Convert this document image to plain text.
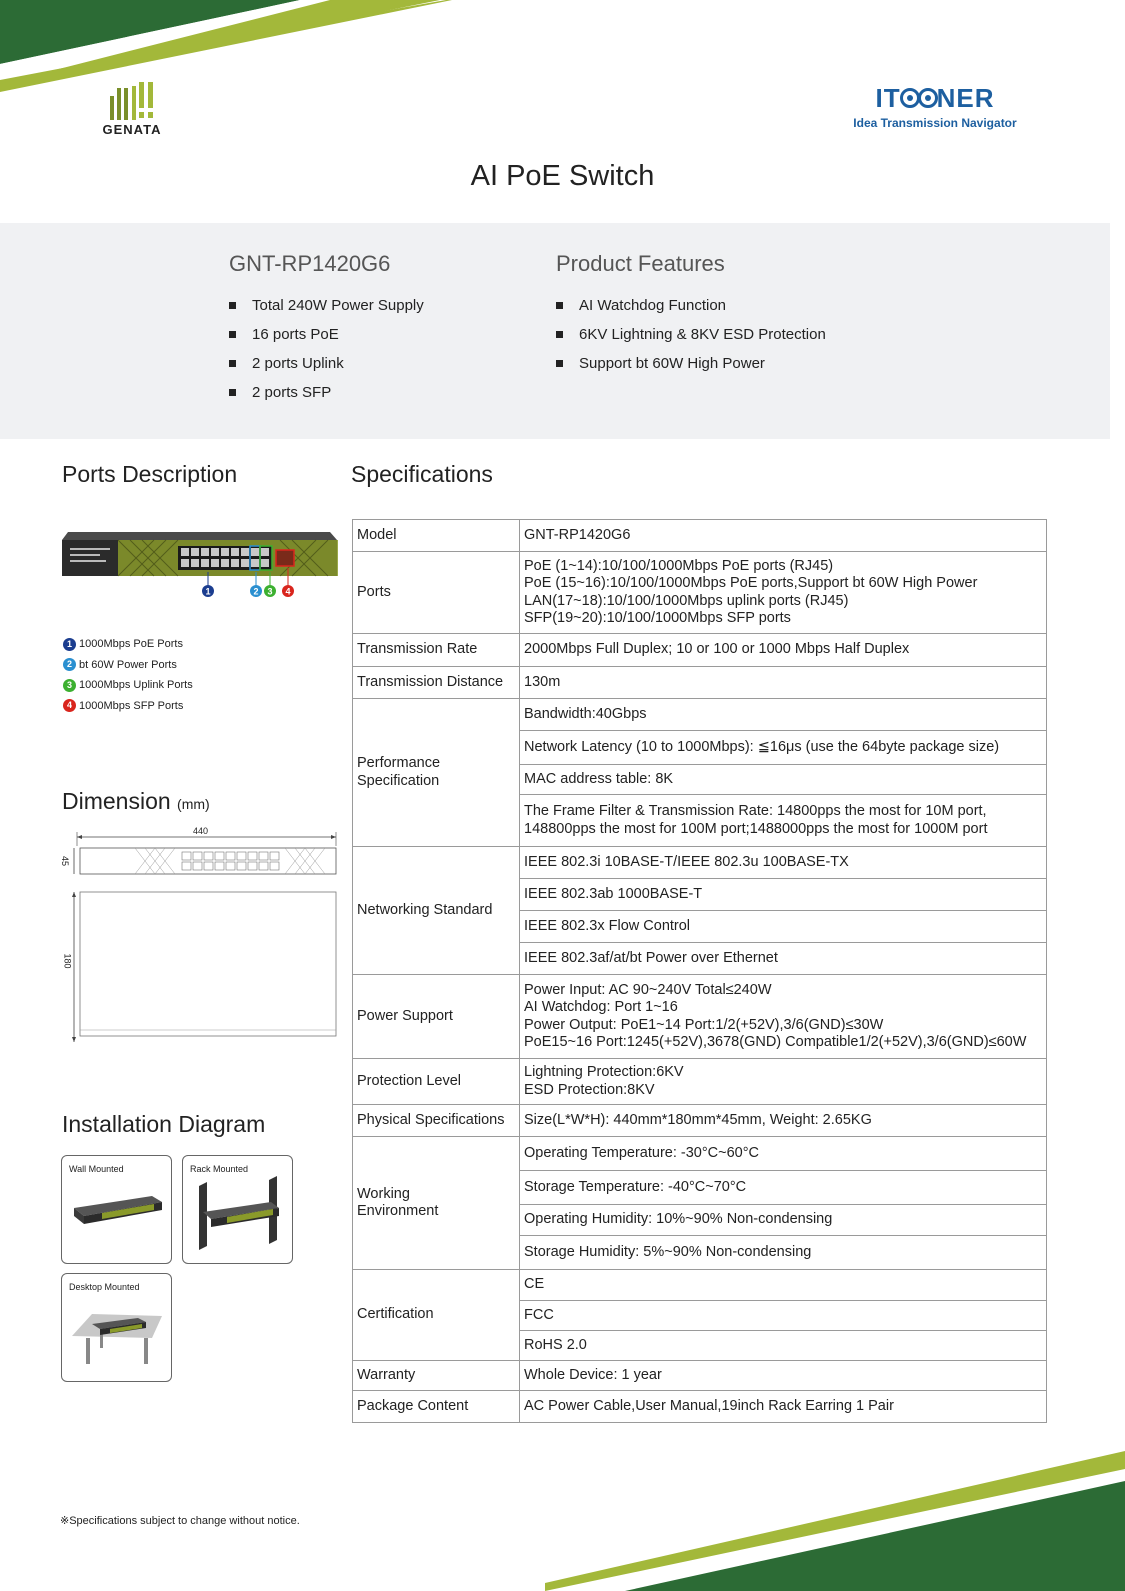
GENATA
IT NER
Idea Transmission Navigator
AI PoE Switch
GNT-RP1420G6
Total 240W Power Supply
16 ports PoE
2 ports Uplink
2 ports SFP
Product Features
AI Watchdog Function
6KV Lightning & 8KV ESD Protection
Support bt 60W High Power
Ports Description	Specifications
1	2 3 4
1 1000Mbps PoE Ports
2 bt 60W Power Ports
3 1000Mbps Uplink Ports
4 1000Mbps SFP Ports
Dimension (mm)
440
45
180
Installation Diagram
Wall Mounted	Rack Mounted
Desktop Mounted
Model	GNT-RP1420G6
Ports	PoE (1~14):10/100/1000Mbps PoE ports (RJ45)
PoE (15~16):10/100/1000Mbps PoE ports,Support bt 60W High Power
LAN(17~18):10/100/1000Mbps uplink ports (RJ45)
SFP(19~20):10/100/1000Mbps SFP ports

Transmission Rate	2000Mbps Full Duplex; 10 or 100 or 1000 Mbps Half Duplex
Transmission Distance	130m

Performance
Specification	Bandwidth:40Gbps
	Network Latency (10 to 1000Mbps): ≦16μs (use the 64byte package size)
	MAC address table: 8K

	The Frame Filter & Transmission Rate: 14800pps the most for 10M port,
148800pps the most for 100M port;1488000pps the most for 1000M port

Networking Standard	IEEE 802.3i 10BASE-T/IEEE 802.3u 100BASE-TX
	IEEE 802.3ab 1000BASE-T
	IEEE 802.3x Flow Control
	IEEE 802.3af/at/bt Power over Ethernet
Power Support	Power Input: AC 90~240V Total≤240W
AI Watchdog: Port 1~16
Power Output: PoE1~14 Port:1/2(+52V),3/6(GND)≤30W
PoE15~16 Port:1245(+52V),3678(GND) Compatible1/2(+52V),3/6(GND)≤60W

Protection Level	Lightning Protection:6KV
ESD Protection:8KV

Physical Specifications	Size(L*W*H): 440mm*180mm*45mm, Weight: 2.65KG

Working
Environment	Operating Temperature: -30°C~60°C
	Storage Temperature: -40°C~70°C
	Operating Humidity: 10%~90% Non-condensing
	Storage Humidity: 5%~90% Non-condensing
Certification	CE
	FCC
	RoHS 2.0
Warranty	Whole Device: 1 year
Package Content	AC Power Cable,User Manual,19inch Rack Earring 1 Pair
※Specifications subject to change without notice.
